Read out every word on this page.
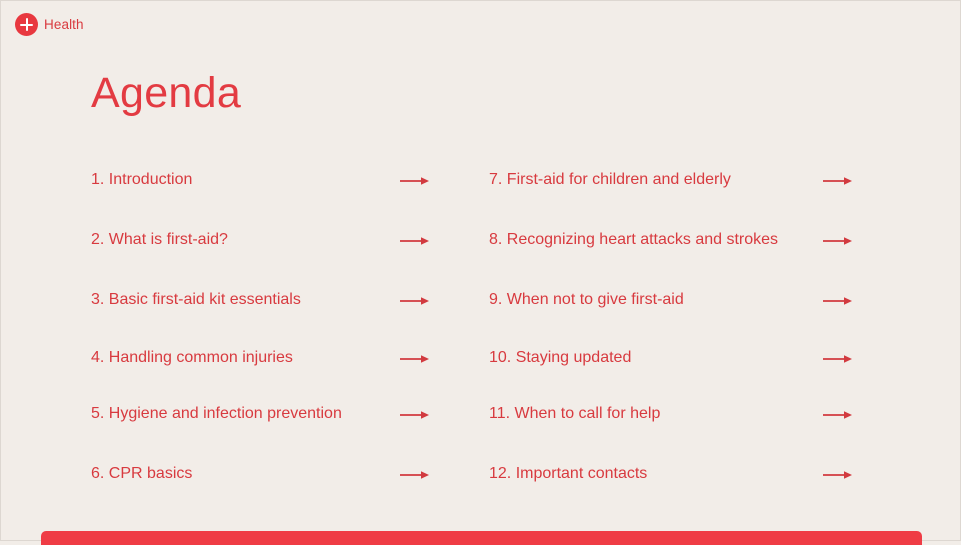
Health
Agenda
1. Introduction
2. What is first-aid?
3. Basic first-aid kit essentials
4. Handling common injuries
5. Hygiene and infection prevention
6. CPR basics
7. First-aid for children and elderly
8. Recognizing heart attacks and strokes
9. When not to give first-aid
10. Staying updated
11. When to call for help
12. Important contacts
